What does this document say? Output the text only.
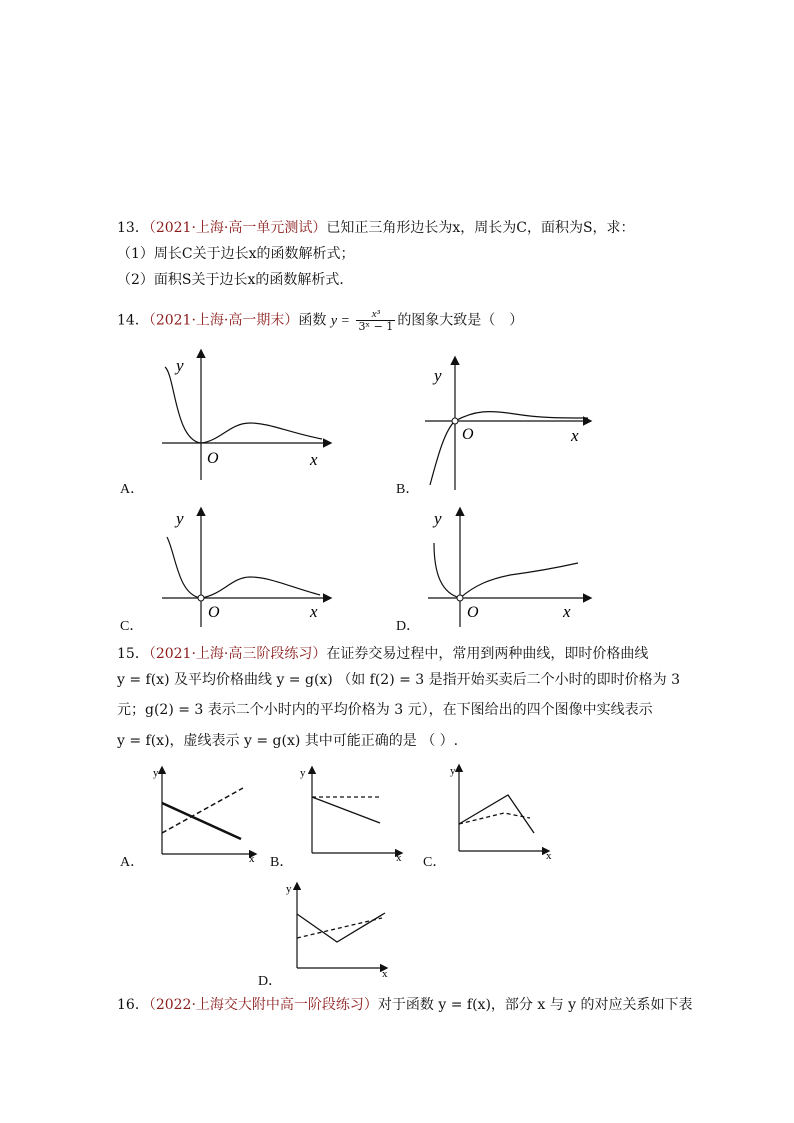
13．（2021·上海·高一单元测试）已知正三角形边长为x，周长为C，面积为S，求：
（1）周长C关于边长x的函数解析式；
（2）面积S关于边长x的函数解析式．
14．（2021·上海·高一期末）函数 $y = \frac{\text{x³}}{\text{3ˣ − 1}}$ 的图象大致是（　）
y
O	x
A．
y
O	x
B．
y
O	x
C．
y
O	x
D．
15．（2021·上海·高三阶段练习）在证券交易过程中，常用到两种曲线，即时价格曲线
y = f(x) 及平均价格曲线 y = g(x) （如 f(2) = 3 是指开始买卖后二个小时的即时价格为 3
元；g(2) = 3 表示二个小时内的平均价格为 3 元），在下图给出的四个图像中实线表示
y = f(x)，虚线表示 y = g(x) 其中可能正确的是 （ ）.
y
x
A．
y
x
B．
y
x
C．
y
x
D．
16．（2022·上海交大附中高一阶段练习）对于函数 y = f(x)，部分 x 与 y 的对应关系如下表
